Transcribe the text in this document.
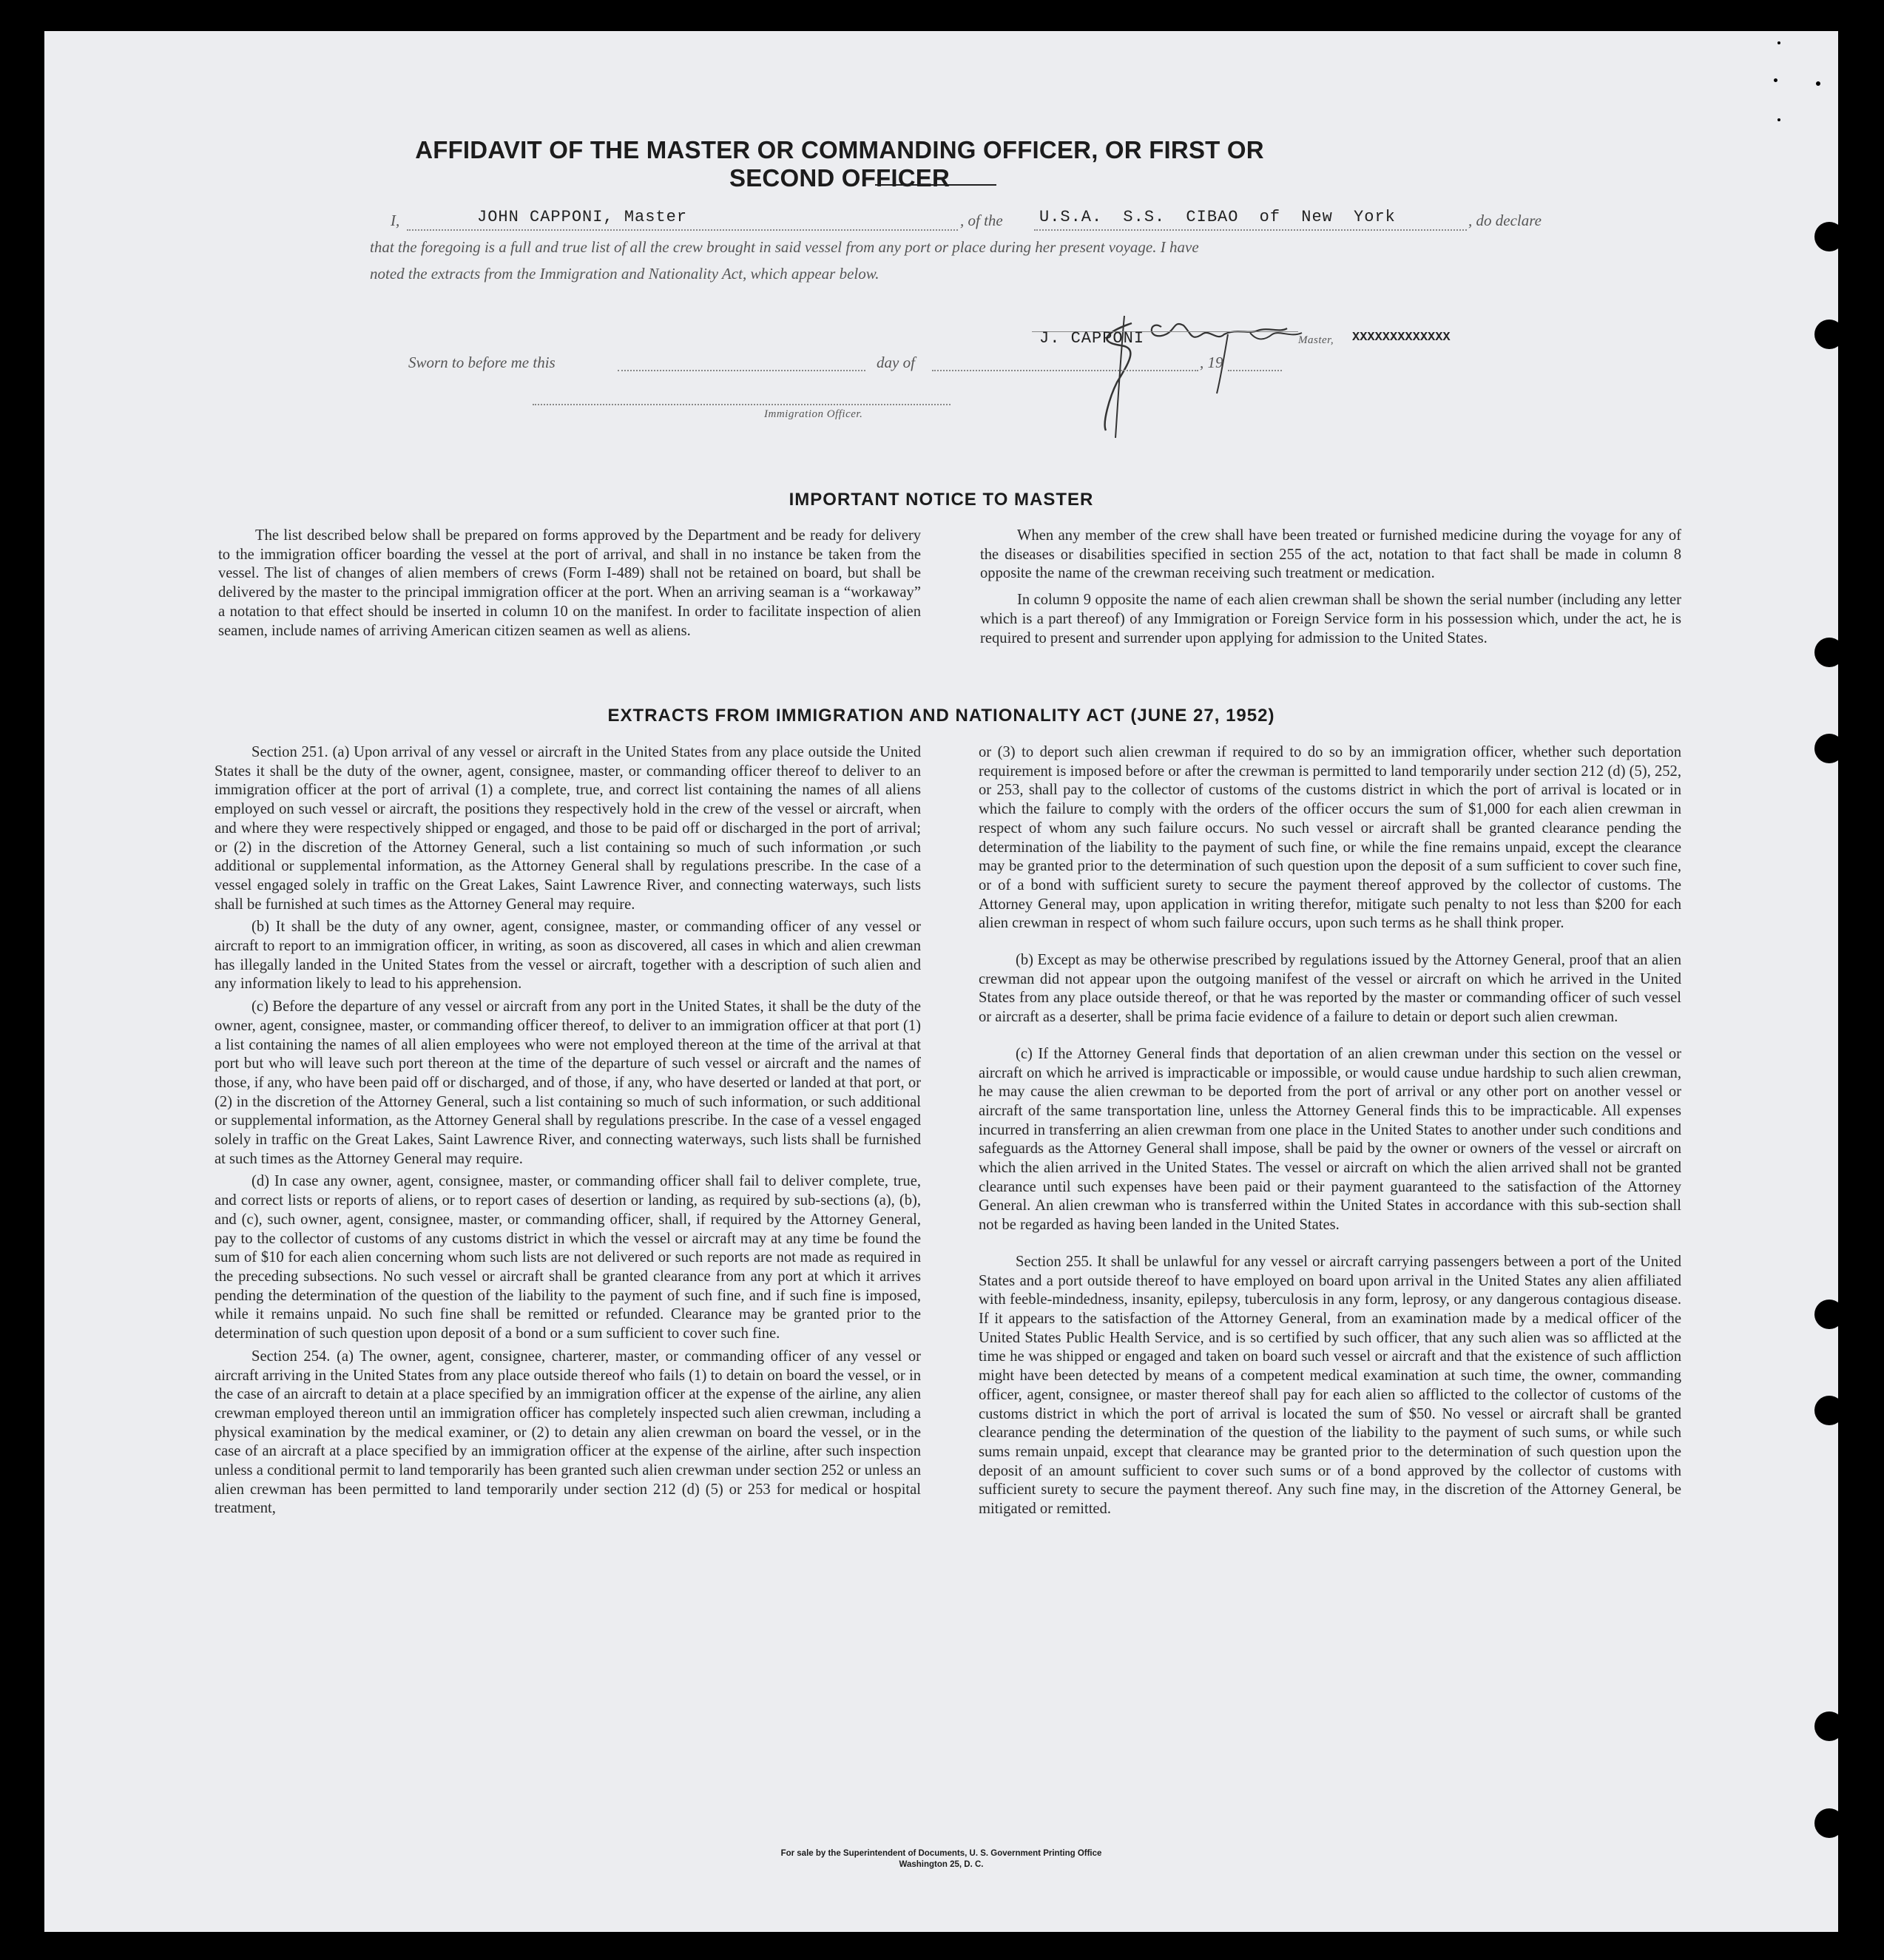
AFFIDAVIT OF THE MASTER OR COMMANDING OFFICER, OR FIRST OR SECOND OFFICER
I,	JOHN CAPPONI, Master	, of the U.S.A. S.S. CIBAO of New York	, do declare
that the foregoing is a full and true list of all the crew brought in said vessel from any port or place during her present voyage. I have
noted the extracts from the Immigration and Nationality Act, which appear below.
J. CAPPONI	Master, XXXXXXXXXXXXX
Sworn to before me this	day of	, 19
Immigration Officer.
IMPORTANT NOTICE TO MASTER

The list described below shall be prepared on forms approved by the Department and be ready for delivery to the immigration officer boarding the vessel at the port of arrival, and shall in no instance be taken from the vessel. The list of changes of alien members of crews (Form I-489) shall not be retained on board, but shall be delivered by the master to the principal immigration officer at the port. When an arriving seaman is a “workaway” a notation to that effect should be inserted in column 10 on the manifest. In order to facilitate inspection of alien seamen, include names of arriving American citizen seamen as well as aliens.

When any member of the crew shall have been treated or furnished medicine during the voyage for any of the diseases or disabilities specified in section 255 of the act, notation to that fact shall be made in column 8 opposite the name of the crewman receiving such treatment or medication.

In column 9 opposite the name of each alien crewman shall be shown the serial number (including any letter which is a part thereof) of any Immigration or Foreign Service form in his possession which, under the act, he is required to present and surrender upon applying for admission to the United States.

EXTRACTS FROM IMMIGRATION AND NATIONALITY ACT (JUNE 27, 1952)

Section 251. (a) Upon arrival of any vessel or aircraft in the United States from any place outside the United States it shall be the duty of the owner, agent, consignee, master, or commanding officer thereof to deliver to an immigration officer at the port of arrival (1) a complete, true, and correct list containing the names of all aliens employed on such vessel or aircraft, the positions they respectively hold in the crew of the vessel or aircraft, when and where they were respectively shipped or engaged, and those to be paid off or discharged in the port of arrival; or (2) in the discretion of the Attorney General, such a list containing so much of such information ,or such additional or supplemental information, as the Attorney General shall by regulations prescribe. In the case of a vessel engaged solely in traffic on the Great Lakes, Saint Lawrence River, and connecting waterways, such lists shall be furnished at such times as the Attorney General may require.

(b) It shall be the duty of any owner, agent, consignee, master, or commanding officer of any vessel or aircraft to report to an immigration officer, in writing, as soon as discovered, all cases in which and alien crewman has illegally landed in the United States from the vessel or aircraft, together with a description of such alien and any information likely to lead to his apprehension.

(c) Before the departure of any vessel or aircraft from any port in the United States, it shall be the duty of the owner, agent, consignee, master, or commanding officer thereof, to deliver to an immigration officer at that port (1) a list containing the names of all alien employees who were not employed thereon at the time of the arrival at that port but who will leave such port thereon at the time of the departure of such vessel or aircraft and the names of those, if any, who have been paid off or discharged, and of those, if any, who have deserted or landed at that port, or (2) in the discretion of the Attorney General, such a list containing so much of such information, or such additional or supplemental information, as the Attorney General shall by regulations prescribe. In the case of a vessel engaged solely in traffic on the Great Lakes, Saint Lawrence River, and connecting waterways, such lists shall be furnished at such times as the Attorney General may require.

(d) In case any owner, agent, consignee, master, or commanding officer shall fail to deliver complete, true, and correct lists or reports of aliens, or to report cases of desertion or landing, as required by sub-sections (a), (b), and (c), such owner, agent, consignee, master, or commanding officer, shall, if required by the Attorney General, pay to the collector of customs of any customs district in which the vessel or aircraft may at any time be found the sum of $10 for each alien concerning whom such lists are not delivered or such reports are not made as required in the preceding subsections. No such vessel or aircraft shall be granted clearance from any port at which it arrives pending the determination of the question of the liability to the payment of such fine, and if such fine is imposed, while it remains unpaid. No such fine shall be remitted or refunded. Clearance may be granted prior to the determination of such question upon deposit of a bond or a sum sufficient to cover such fine.

Section 254. (a) The owner, agent, consignee, charterer, master, or commanding officer of any vessel or aircraft arriving in the United States from any place outside thereof who fails (1) to detain on board the vessel, or in the case of an aircraft to detain at a place specified by an immigration officer at the expense of the airline, any alien crewman employed thereon until an immigration officer has completely inspected such alien crewman, including a physical examination by the medical examiner, or (2) to detain any alien crewman on board the vessel, or in the case of an aircraft at a place specified by an immigration officer at the expense of the airline, after such inspection unless a conditional permit to land temporarily has been granted such alien crewman under section 252 or unless an alien crewman has been permitted to land temporarily under section 212 (d) (5) or 253 for medical or hospital treatment,

or (3) to deport such alien crewman if required to do so by an immigration officer, whether such deportation requirement is imposed before or after the crewman is permitted to land temporarily under section 212 (d) (5), 252, or 253, shall pay to the collector of customs of the customs district in which the port of arrival is located or in which the failure to comply with the orders of the officer occurs the sum of $1,000 for each alien crewman in respect of whom any such failure occurs. No such vessel or aircraft shall be granted clearance pending the determination of the liability to the payment of such fine, or while the fine remains unpaid, except the clearance may be granted prior to the determination of such question upon the deposit of a sum sufficient to cover such fine, or of a bond with sufficient surety to secure the payment thereof approved by the collector of customs. The Attorney General may, upon application in writing therefor, mitigate such penalty to not less than $200 for each alien crewman in respect of whom such failure occurs, upon such terms as he shall think proper.

(b) Except as may be otherwise prescribed by regulations issued by the Attorney General, proof that an alien crewman did not appear upon the outgoing manifest of the vessel or aircraft on which he arrived in the United States from any place outside thereof, or that he was reported by the master or commanding officer of such vessel or aircraft as a deserter, shall be prima facie evidence of a failure to detain or deport such alien crewman.

(c) If the Attorney General finds that deportation of an alien crewman under this section on the vessel or aircraft on which he arrived is impracticable or impossible, or would cause undue hardship to such alien crewman, he may cause the alien crewman to be deported from the port of arrival or any other port on another vessel or aircraft of the same transportation line, unless the Attorney General finds this to be impracticable. All expenses incurred in transferring an alien crewman from one place in the United States to another under such conditions and safeguards as the Attorney General shall impose, shall be paid by the owner or owners of the vessel or aircraft on which the alien arrived in the United States. The vessel or aircraft on which the alien arrived shall not be granted clearance until such expenses have been paid or their payment guaranteed to the satisfaction of the Attorney General. An alien crewman who is transferred within the United States in accordance with this sub-section shall not be regarded as having been landed in the United States.

Section 255. It shall be unlawful for any vessel or aircraft carrying passengers between a port of the United States and a port outside thereof to have employed on board upon arrival in the United States any alien affiliated with feeble-mindedness, insanity, epilepsy, tuberculosis in any form, leprosy, or any dangerous contagious disease. If it appears to the satisfaction of the Attorney General, from an examination made by a medical officer of the United States Public Health Service, and is so certified by such officer, that any such alien was so afflicted at the time he was shipped or engaged and taken on board such vessel or aircraft and that the existence of such affliction might have been detected by means of a competent medical examination at such time, the owner, commanding officer, agent, consignee, or master thereof shall pay for each alien so afflicted to the collector of customs of the customs district in which the port of arrival is located the sum of $50. No vessel or aircraft shall be granted clearance pending the determination of the question of the liability to the payment of such sums, or while such sums remain unpaid, except that clearance may be granted prior to the determination of such question upon the deposit of an amount sufficient to cover such sums or of a bond approved by the collector of customs with sufficient surety to secure the payment thereof. Any such fine may, in the discretion of the Attorney General, be mitigated or remitted.

For sale by the Superintendent of Documents, U. S. Government Printing Office
Washington 25, D. C.
